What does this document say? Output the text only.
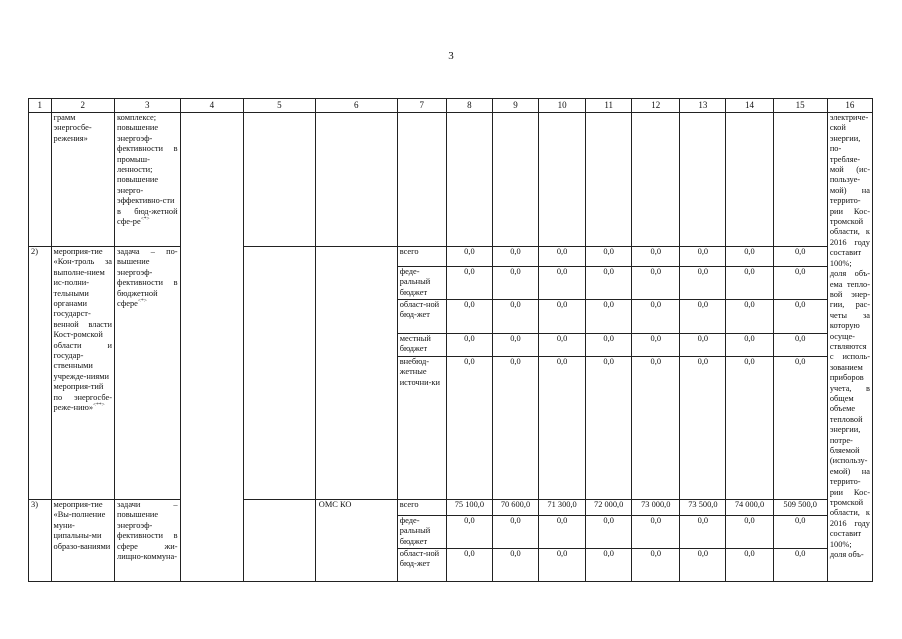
3
1	2	3	4	5	6	7	8	9	10	11	12	13	14	15	16
	грамм энергосбе-режения»	комплексе; повышение энергоэф-фективности в промыш-ленности; повышение энерго-эффективно-сти в бюд-жетной сфе-ре<*>													электриче-ской энергии, по-требляе-мой (ис-пользуе-мой) на террито-рии Кос-тромской области, к 2016 году составит 100%; доля объ-ема тепло-вой энер-гии, рас-четы за которую осуще-ствляются с исполь-зованием приборов учета, в общем объеме тепловой энергии, потре-бляемой (использу-емой) на террито-рии Кос-тромской области, к 2016 году составит 100%; доля объ-
2)	мероприя-тие «Кон-троль за выполне-нием ис-полни-тельными органами государст-венной власти Кост-ромской области и государ-ственными учрежде-ниями мероприя-тий по энергосбе-реже-нию»<**>	задача – по-вышение энергоэф-фективности в бюджетной сфере<*>				всего	0,0	0,0	0,0	0,0	0,0	0,0	0,0	0,0	
						феде-ральный бюджет	0,0	0,0	0,0	0,0	0,0	0,0	0,0	0,0	
						област-ной бюд-жет	0,0	0,0	0,0	0,0	0,0	0,0	0,0	0,0	
						местный бюджет	0,0	0,0	0,0	0,0	0,0	0,0	0,0	0,0	
						внебюд-жетные источни-ки	0,0	0,0	0,0	0,0	0,0	0,0	0,0	0,0	
3)	мероприя-тие «Вы-полнение муни-ципальны-ми образо-ваниями	задачи – повышение энергоэф-фективности в сфере жи-лищно-коммуна-			ОМС КО	всего	75 100,0	70 600,0	71 300,0	72 000,0	73 000,0	73 500,0	74 000,0	509 500,0	
						феде-ральный бюджет	0,0	0,0	0,0	0,0	0,0	0,0	0,0	0,0	
						област-ной бюд-жет	0,0	0,0	0,0	0,0	0,0	0,0	0,0	0,0	
